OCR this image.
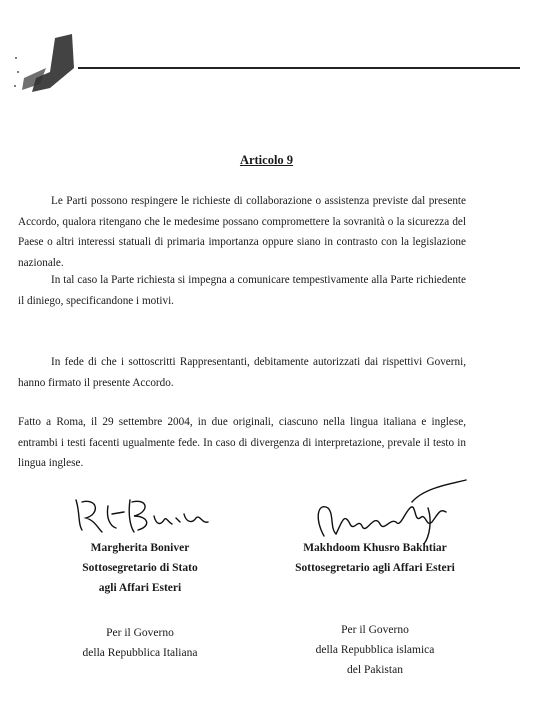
Articolo 9
Le Parti possono respingere le richieste di collaborazione o assistenza previste dal presente Accordo, qualora ritengano che le medesime possano compromettere la sovranità o la sicurezza del Paese o altri interessi statuali di primaria importanza oppure siano in contrasto con la legislazione nazionale.
In tal caso la Parte richiesta si impegna a comunicare tempestivamente alla Parte richiedente il diniego, specificandone i motivi.
In fede di che i sottoscritti Rappresentanti, debitamente autorizzati dai rispettivi Governi, hanno firmato il presente Accordo.
Fatto a Roma, il 29 settembre 2004, in due originali, ciascuno nella lingua italiana e inglese, entrambi i testi facenti ugualmente fede. In caso di divergenza di interpretazione, prevale il testo in lingua inglese.
Margherita Boniver
Sottosegretario di Stato
agli Affari Esteri
Makhdoom Khusro Bakhtiar
Sottosegretario agli Affari Esteri
Per il Governo
della Repubblica Italiana
Per il Governo
della Repubblica islamica
del Pakistan
